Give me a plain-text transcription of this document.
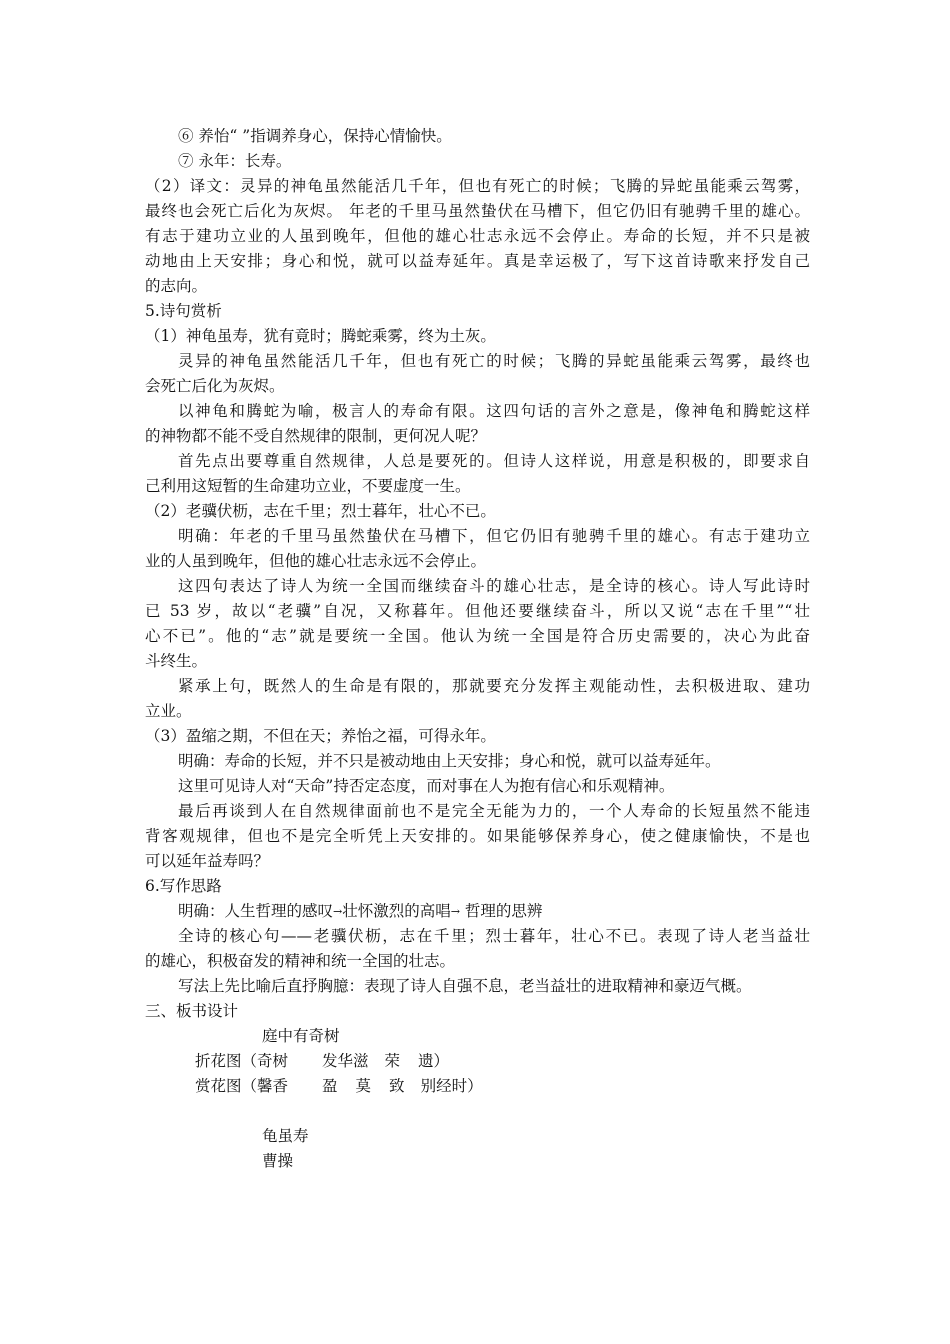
⑥ 养怡“ ”指调养身心，保持心情愉快。
⑦ 永年：长寿。
（2）译文：灵异的神龟虽然能活几千年，但也有死亡的时候；飞腾的异蛇虽能乘云驾雾，
最终也会死亡后化为灰烬。 年老的千里马虽然蛰伏在马槽下，但它仍旧有驰骋千里的雄心。
有志于建功立业的人虽到晚年，但他的雄心壮志永远不会停止。寿命的长短，并不只是被
动地由上天安排；身心和悦，就可以益寿延年。真是幸运极了，写下这首诗歌来抒发自己
的志向。
5.诗句赏析
（1）神龟虽寿，犹有竟时；腾蛇乘雾，终为土灰。
灵异的神龟虽然能活几千年，但也有死亡的时候；飞腾的异蛇虽能乘云驾雾，最终也
会死亡后化为灰烬。
以神龟和腾蛇为喻，极言人的寿命有限。这四句话的言外之意是，像神龟和腾蛇这样
的神物都不能不受自然规律的限制，更何况人呢？
首先点出要尊重自然规律，人总是要死的。但诗人这样说，用意是积极的，即要求自
己利用这短暂的生命建功立业，不要虚度一生。
（2）老骥伏枥，志在千里；烈士暮年，壮心不已。
明确：年老的千里马虽然蛰伏在马槽下，但它仍旧有驰骋千里的雄心。有志于建功立
业的人虽到晚年，但他的雄心壮志永远不会停止。
这四句表达了诗人为统一全国而继续奋斗的雄心壮志，是全诗的核心。诗人写此诗时
已 53 岁，故以“老骥”自况，又称暮年。但他还要继续奋斗，所以又说“志在千里”“壮
心不已”。他的“志”就是要统一全国。他认为统一全国是符合历史需要的，决心为此奋
斗终生。
紧承上句，既然人的生命是有限的，那就要充分发挥主观能动性，去积极进取、建功
立业。
（3）盈缩之期，不但在天；养怡之福，可得永年。
明确：寿命的长短，并不只是被动地由上天安排；身心和悦，就可以益寿延年。
这里可见诗人对“天命”持否定态度，而对事在人为抱有信心和乐观精神。
最后再谈到人在自然规律面前也不是完全无能为力的，一个人寿命的长短虽然不能违
背客观规律，但也不是完全听凭上天安排的。如果能够保养身心，使之健康愉快，不是也
可以延年益寿吗？
6.写作思路
明确：人生哲理的感叹→壮怀激烈的高唱→ 哲理的思辨
全诗的核心句——老骥伏枥，志在千里；烈士暮年，壮心不已。表现了诗人老当益壮
的雄心，积极奋发的精神和统一全国的壮志。
写法上先比喻后直抒胸臆：表现了诗人自强不息，老当益壮的进取精神和豪迈气概。
三、板书设计
庭中有奇树
折花图（奇树 发华滋 荣 遗）
赏花图（馨香 盈 莫 致 别经时）
龟虽寿
曹操
